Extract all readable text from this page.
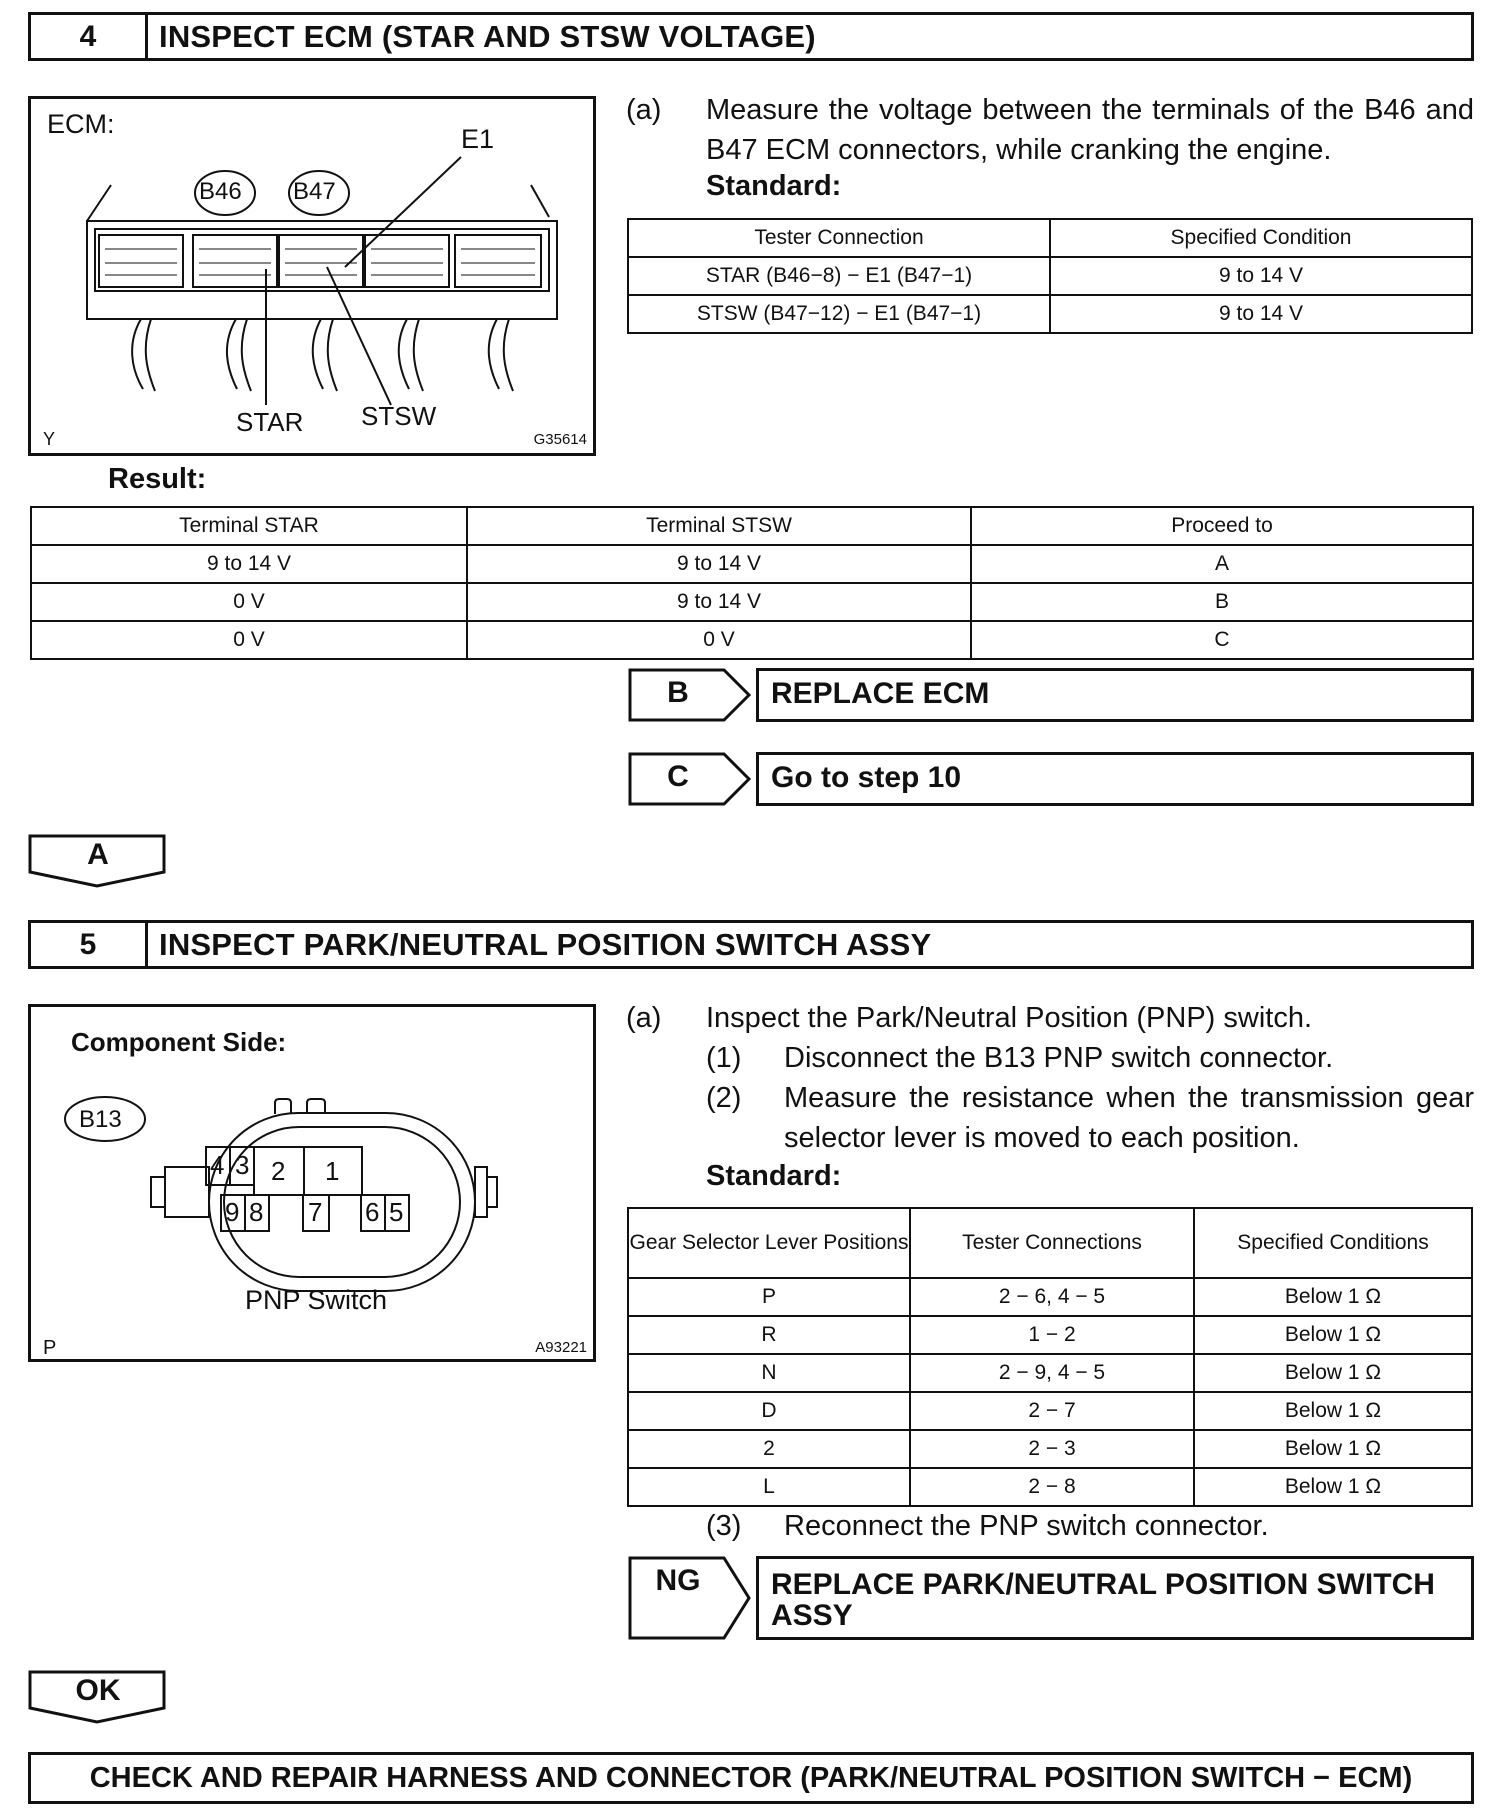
4	INSPECT ECM (STAR AND STSW VOLTAGE)
ECM:	E1
B46 B47
STAR STSW
Y	G35614
(a) Measure the voltage between the terminals of the B46 and B47 ECM connectors, while cranking the engine.
Standard:
Tester Connection	Specified Condition
STAR (B46−8) − E1 (B47−1)	9 to 14 V
STSW (B47−12) − E1 (B47−1)	9 to 14 V
Result:
Terminal STAR	Terminal STSW	Proceed to
9 to 14 V	9 to 14 V	A
0 V	9 to 14 V	B
0 V	0 V	C
B	REPLACE ECM
C	Go to step 10
A
5	INSPECT PARK/NEUTRAL POSITION SWITCH ASSY
Component Side:
B13
4 3 2 1
9 8 7 6 5
PNP Switch
P	A93221
(a) Inspect the Park/Neutral Position (PNP) switch.
(1) Disconnect the B13 PNP switch connector.
(2) Measure the resistance when the transmission gear selector lever is moved to each position.
Standard:
Gear Selector Lever Positions	Tester Connections	Specified Conditions
P	2 − 6, 4 − 5	Below 1 Ω
R	1 − 2	Below 1 Ω
N	2 − 9, 4 − 5	Below 1 Ω
D	2 − 7	Below 1 Ω
2	2 − 3	Below 1 Ω
L	2 − 8	Below 1 Ω
(3) Reconnect the PNP switch connector.
NG	REPLACE PARK/NEUTRAL POSITION SWITCH ASSY
OK
CHECK AND REPAIR HARNESS AND CONNECTOR (PARK/NEUTRAL POSITION SWITCH − ECM)
